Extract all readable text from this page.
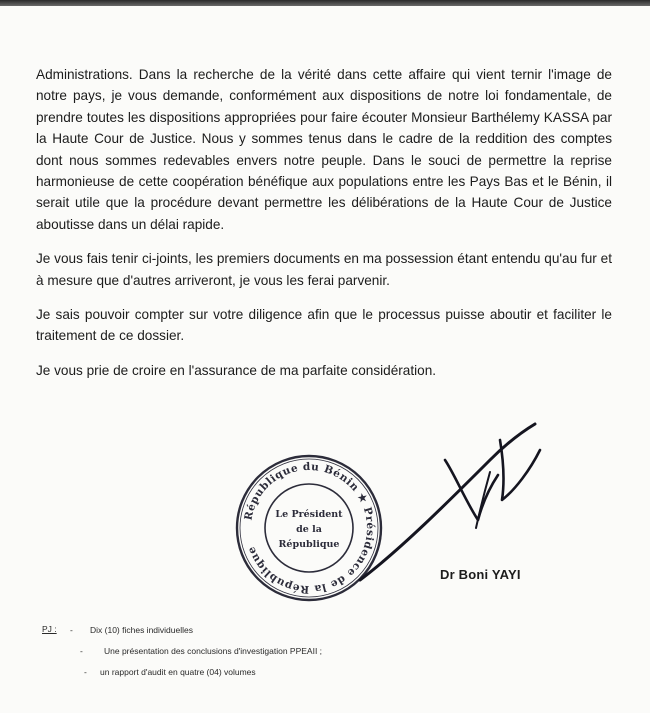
Administrations. Dans la recherche de la vérité dans cette affaire qui vient ternir l'image de notre pays, je vous demande, conformément aux dispositions de notre loi fondamentale, de prendre toutes les dispositions appropriées pour faire écouter Monsieur Barthélemy KASSA par la Haute Cour de Justice. Nous y sommes tenus dans le cadre de la reddition des comptes dont nous sommes redevables envers notre peuple. Dans le souci de permettre la reprise harmonieuse de cette coopération bénéfique aux populations entre les Pays Bas et le Bénin, il serait utile que la procédure devant permettre les délibérations de la Haute Cour de Justice aboutisse dans un délai rapide.

Je vous fais tenir ci-joints, les premiers documents en ma possession étant entendu qu'au fur et à mesure que d'autres arriveront, je vous les ferai parvenir.

Je sais pouvoir compter sur votre diligence afin que le processus puisse aboutir et faciliter le traitement de ce dossier.

Je vous prie de croire en l'assurance de ma parfaite considération.

République du Bénin ★ Présidence de la République
Le Président
de la
République
Dr Boni YAYI
PJ : - Dix (10) fiches individuelles
- Une présentation des conclusions d'investigation PPEAII ;
- un rapport d'audit en quatre (04) volumes
